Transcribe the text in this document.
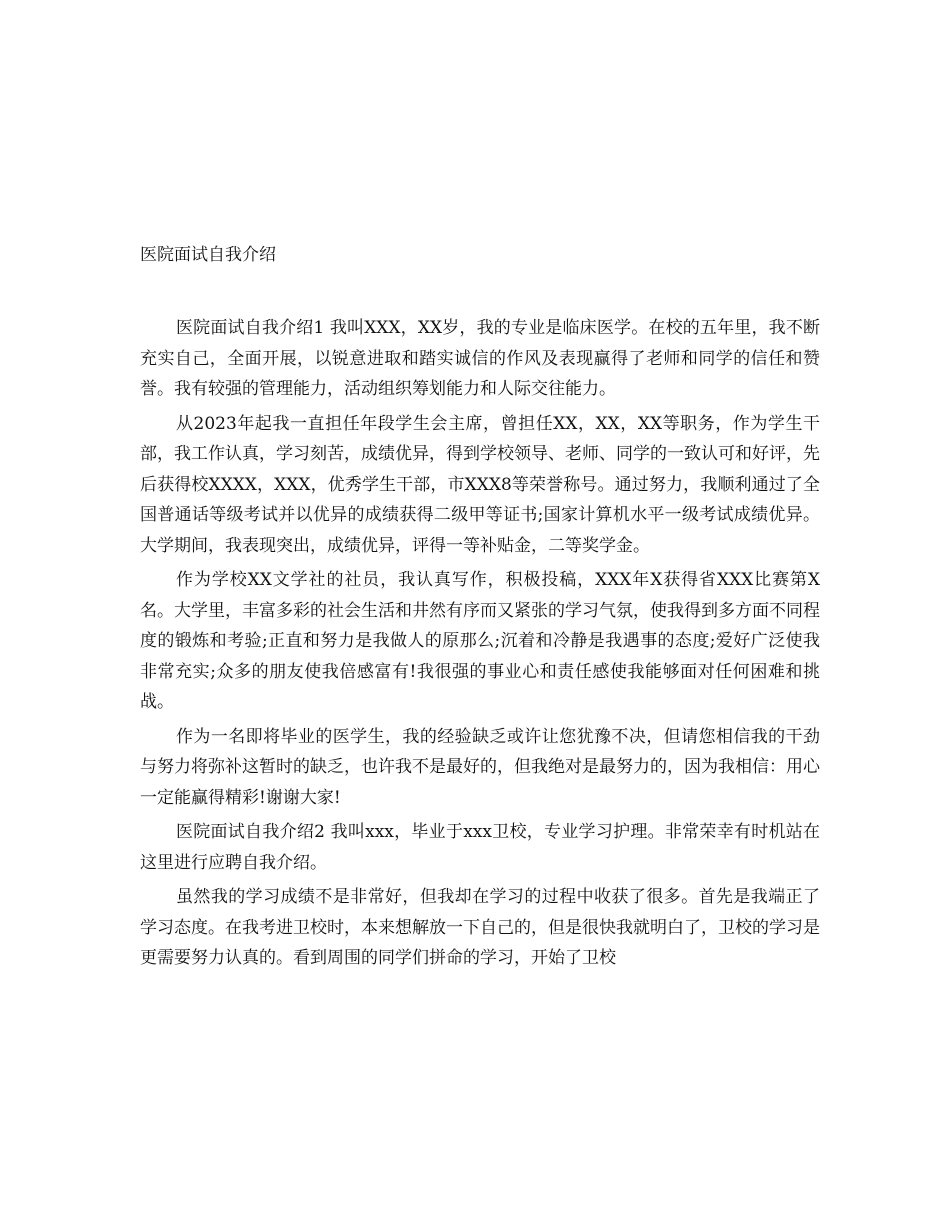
医院面试自我介绍

医院面试自我介绍1 我叫XXX，XX岁，我的专业是临床医学。在校的五年里，我不断充实自己，全面开展，以锐意进取和踏实诚信的作风及表现赢得了老师和同学的信任和赞誉。我有较强的管理能力，活动组织筹划能力和人际交往能力。

从2023年起我一直担任年段学生会主席，曾担任XX，XX，XX等职务，作为学生干部，我工作认真，学习刻苦，成绩优异，得到学校领导、老师、同学的一致认可和好评，先后获得校XXXX，XXX，优秀学生干部，市XXX8等荣誉称号。通过努力，我顺利通过了全国普通话等级考试并以优异的成绩获得二级甲等证书;国家计算机水平一级考试成绩优异。大学期间，我表现突出，成绩优异，评得一等补贴金，二等奖学金。

作为学校XX文学社的社员，我认真写作，积极投稿，XXX年X获得省XXX比赛第X名。大学里，丰富多彩的社会生活和井然有序而又紧张的学习气氛，使我得到多方面不同程度的锻炼和考验;正直和努力是我做人的原那么;沉着和冷静是我遇事的态度;爱好广泛使我非常充实;众多的朋友使我倍感富有!我很强的事业心和责任感使我能够面对任何困难和挑战。

作为一名即将毕业的医学生，我的经验缺乏或许让您犹豫不决，但请您相信我的干劲与努力将弥补这暂时的缺乏，也许我不是最好的，但我绝对是最努力的，因为我相信：用心一定能赢得精彩!谢谢大家!

医院面试自我介绍2 我叫xxx，毕业于xxx卫校，专业学习护理。非常荣幸有时机站在这里进行应聘自我介绍。

虽然我的学习成绩不是非常好，但我却在学习的过程中收获了很多。首先是我端正了学习态度。在我考进卫校时，本来想解放一下自己的，但是很快我就明白了，卫校的学习是更需要努力认真的。看到周围的同学们拼命的学习，开始了卫校
